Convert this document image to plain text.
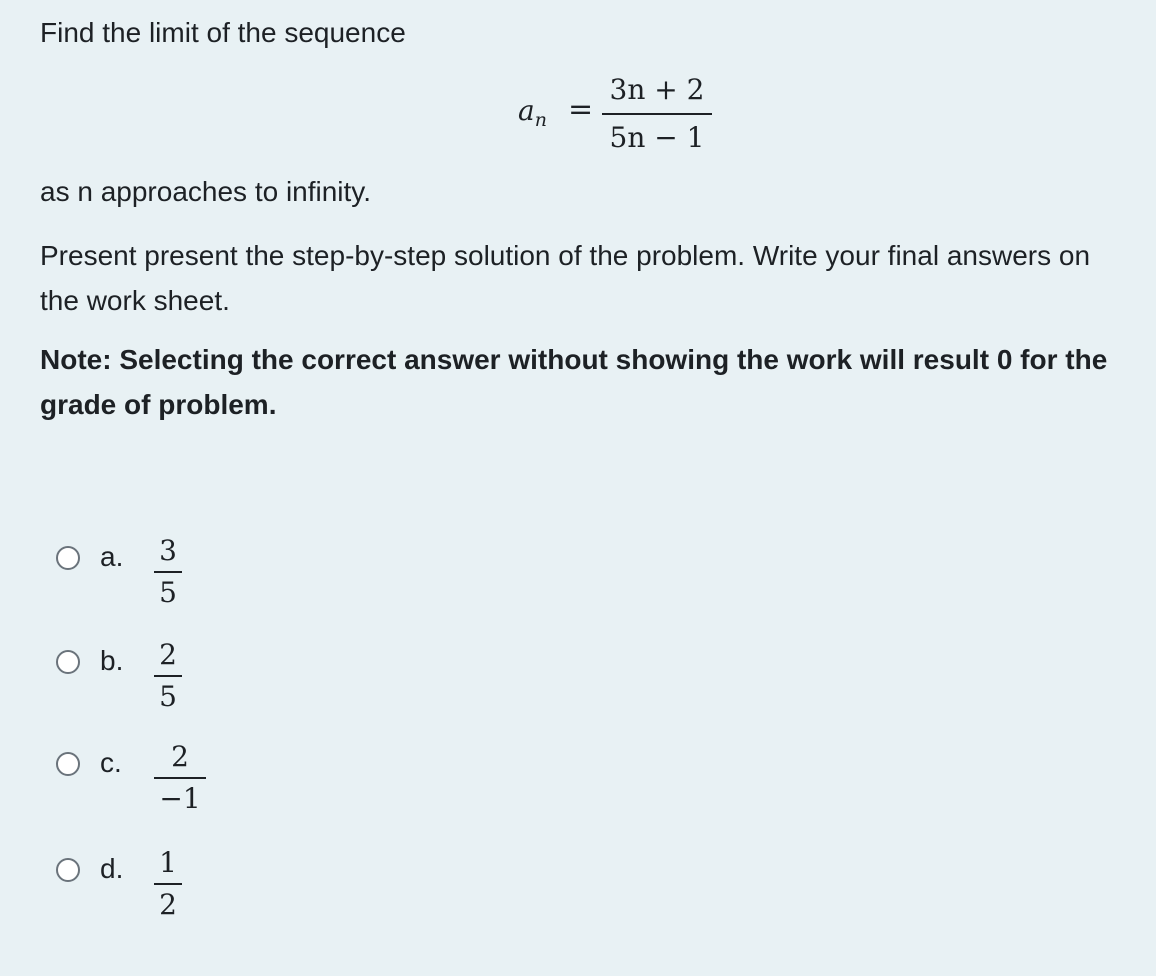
Find the limit of the sequence

$a_n$ =
3n + 2
5n − 1

as n approaches to infinity.

Present present the step-by-step solution of the problem. Write your final answers on the work sheet.

Note: Selecting the correct answer without showing the work will result 0 for the grade of problem.

a. 3
5
b. 2
5
c.	2
−1
d. 1
2
